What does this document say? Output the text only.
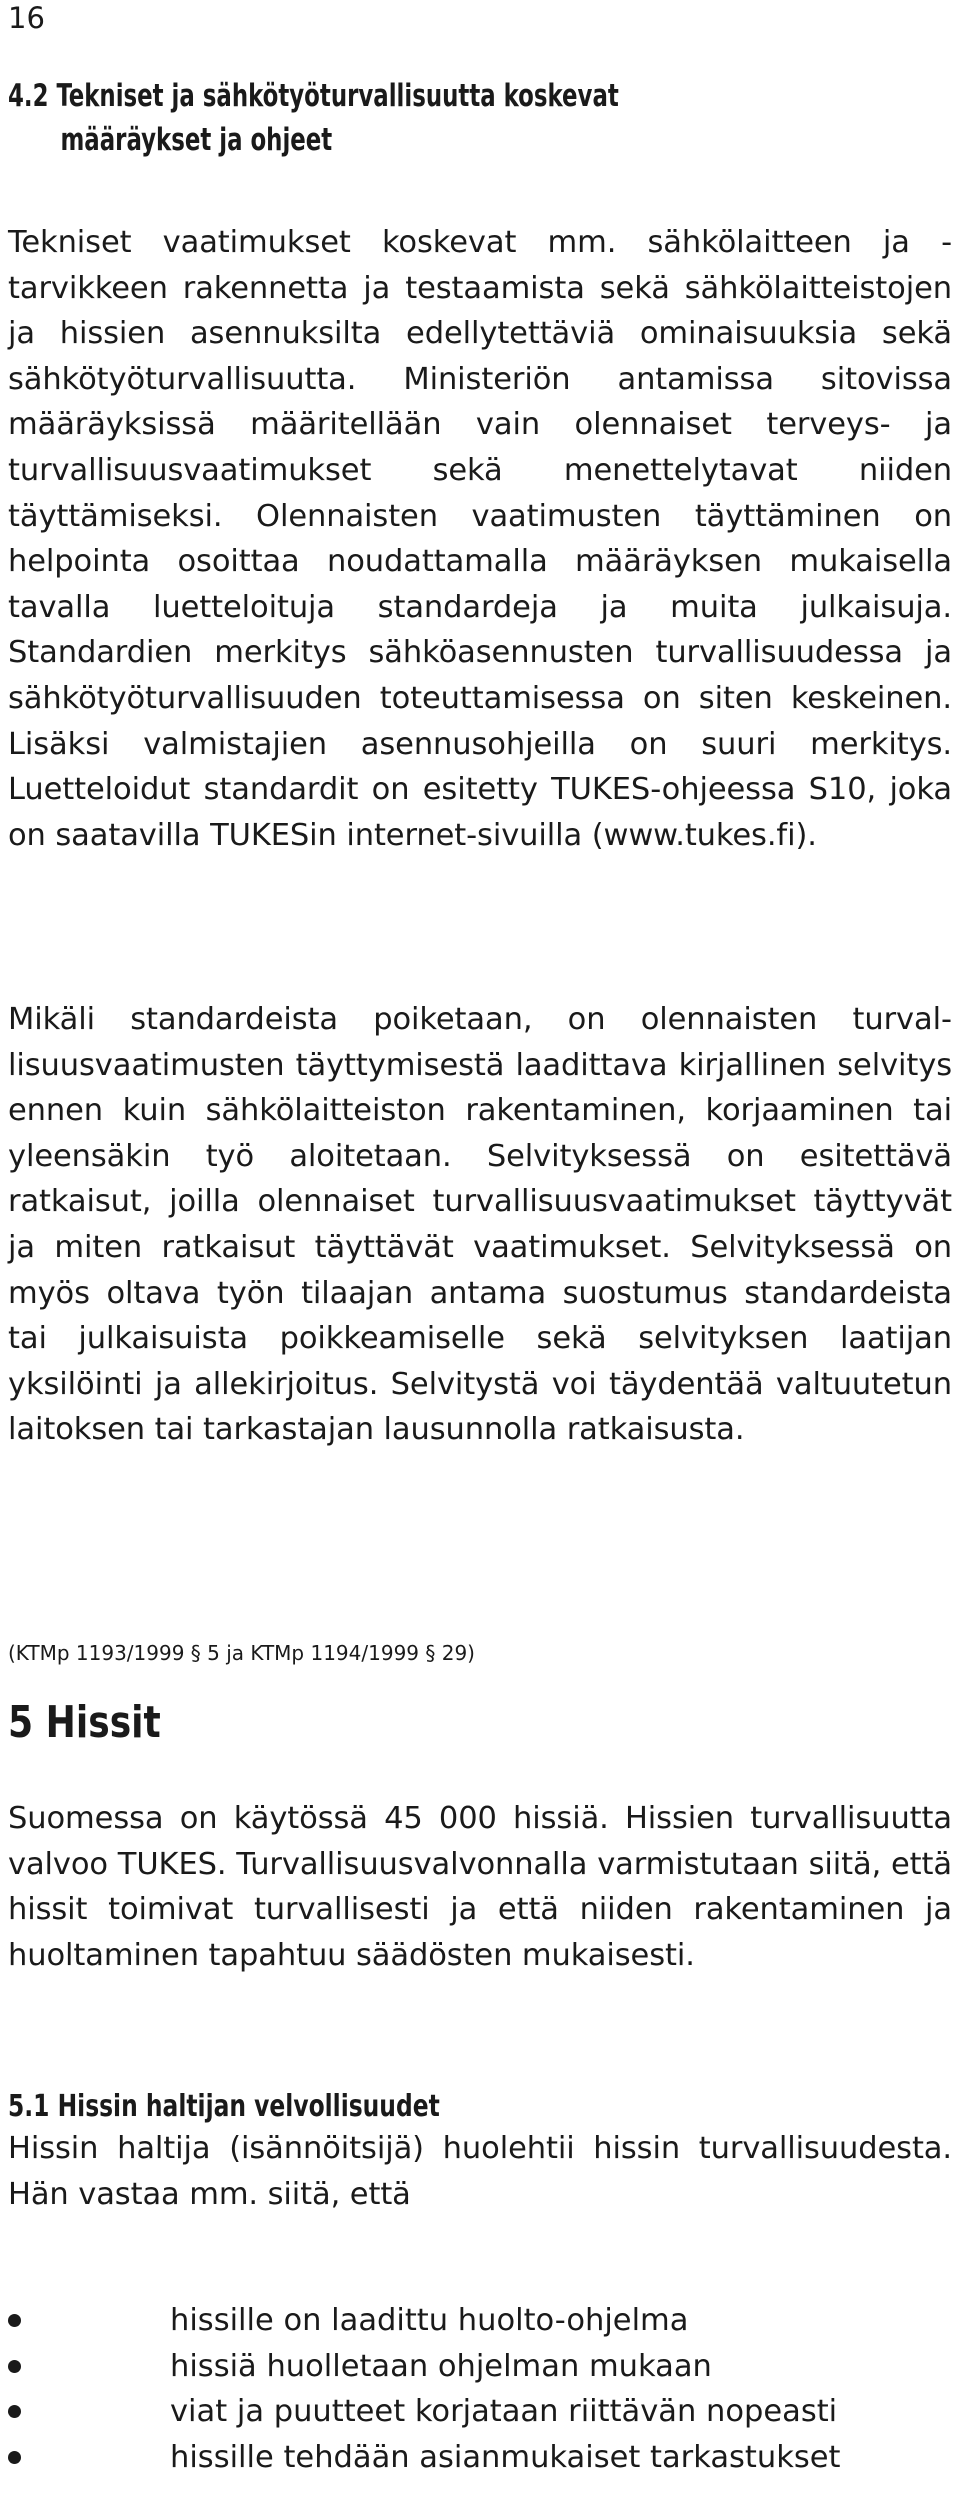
16
4.2 Tekniset ja sähkötyöturvallisuutta koskevat
määräykset ja ohjeet
Tekniset vaatimukset koskevat mm. sähkölaitteen ja -tarvikkeen rakennetta ja testaamista sekä sähkölaitteistojen ja hissien asennuksilta edellytettäviä ominaisuuksia sekä sähkötyöturvallisuutta. Ministeriön antamissa sitovissa määräyksissä määritellään vain olennaiset terveys- ja turvallisuusvaatimukset sekä menettelytavat niiden täyttämiseksi. Olennaisten vaatimusten täyttäminen on helpointa osoittaa noudattamalla määräyksen mukaisella tavalla luetteloituja standardeja ja muita julkaisuja. Standardien merkitys sähköasennusten turvallisuudessa ja sähkötyöturvallisuuden toteuttamisessa on siten keskeinen. Lisäksi valmistajien asennusohjeilla on suuri merkitys. Luetteloidut standardit on esitetty TUKES-ohjeessa S10, joka on saatavilla TUKESin internet-sivuilla (www.tukes.fi).
Mikäli standardeista poiketaan, on olennaisten turvallisuusvaatimusten täyttymisestä laadittava kirjallinen selvitys ennen kuin sähkölaitteiston rakentaminen, korjaaminen tai yleensäkin työ aloitetaan. Selvityksessä on esitettävä ratkaisut, joilla olennaiset turvallisuusvaatimukset täyttyvät ja miten ratkaisut täyttävät vaatimukset. Selvityksessä on myös oltava työn tilaajan antama suostumus standardeista tai julkaisuista poikkeamiselle sekä selvityksen laatijan yksilöinti ja allekirjoitus. Selvitystä voi täydentää valtuutetun laitoksen tai tarkastajan lausunnolla ratkaisusta.
(KTMp 1193/1999 § 5 ja KTMp 1194/1999 § 29)
5 Hissit
Suomessa on käytössä 45 000 hissiä. Hissien turvallisuutta valvoo TUKES. Turvallisuusvalvonnalla varmistutaan siitä, että hissit toimivat turvallisesti ja että niiden rakentaminen ja huoltaminen tapahtuu säädösten mukaisesti.
5.1 Hissin haltijan velvollisuudet
Hissin haltija (isännöitsijä) huolehtii hissin turvallisuudesta. Hän vastaa mm. siitä, että
hissille on laadittu huolto-ohjelma
hissiä huolletaan ohjelman mukaan
viat ja puutteet korjataan riittävän nopeasti
hissille tehdään asianmukaiset tarkastukset
